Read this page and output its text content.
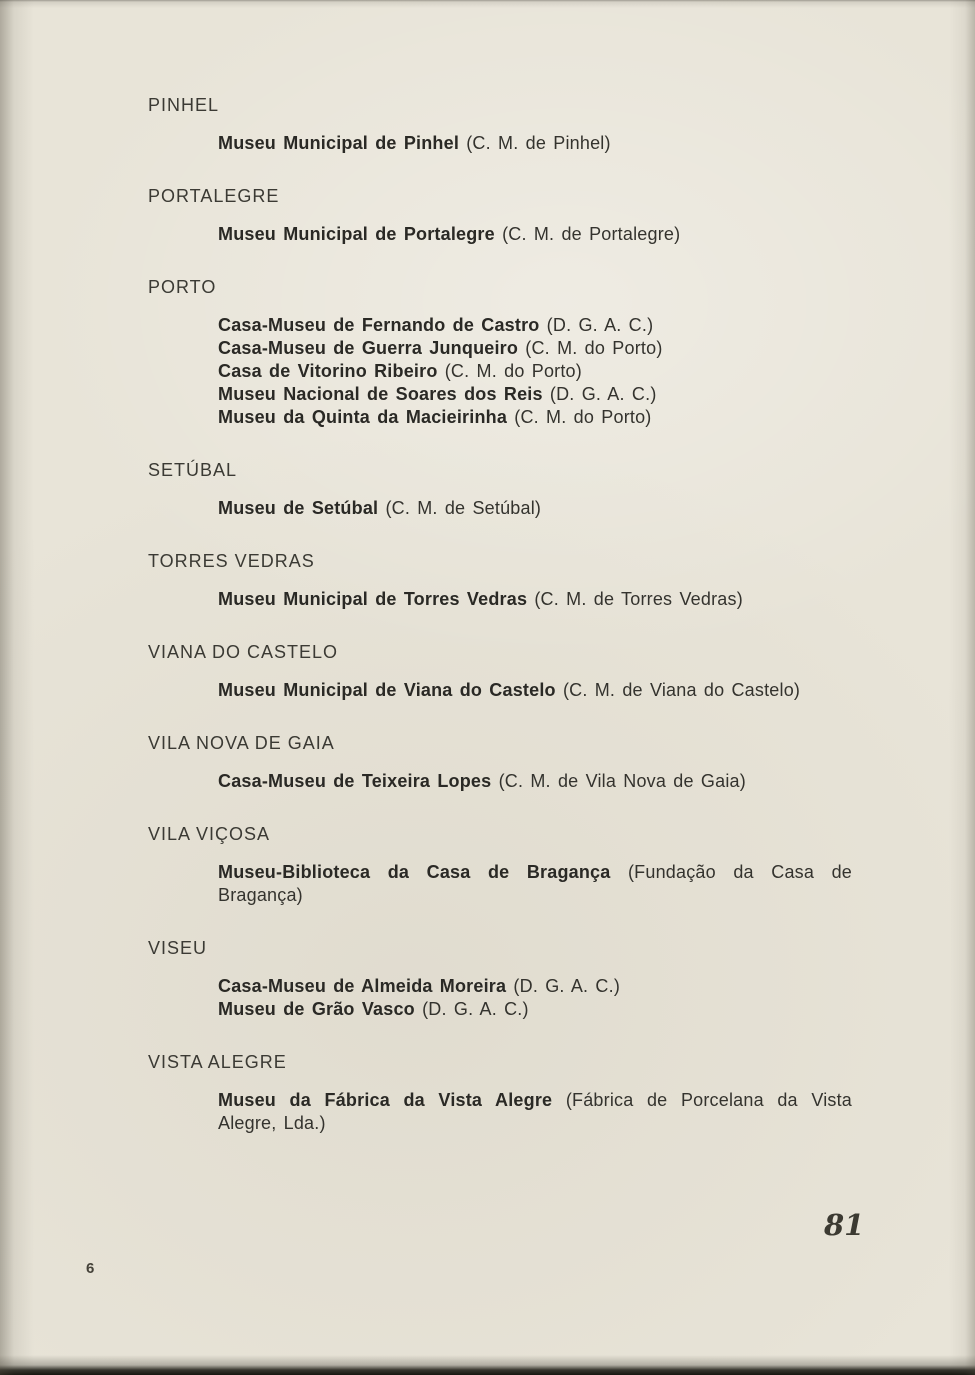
PINHEL

Museu Municipal de Pinhel (C. M. de Pinhel)

PORTALEGRE

Museu Municipal de Portalegre (C. M. de Portalegre)

PORTO

Casa-Museu de Fernando de Castro (D. G. A. C.)

Casa-Museu de Guerra Junqueiro (C. M. do Porto)

Casa de Vitorino Ribeiro (C. M. do Porto)

Museu Nacional de Soares dos Reis (D. G. A. C.)

Museu da Quinta da Macieirinha (C. M. do Porto)

SETÚBAL

Museu de Setúbal (C. M. de Setúbal)

TORRES VEDRAS

Museu Municipal de Torres Vedras (C. M. de Torres Vedras)

VIANA DO CASTELO

Museu Municipal de Viana do Castelo (C. M. de Viana do Castelo)

VILA NOVA DE GAIA

Casa-Museu de Teixeira Lopes (C. M. de Vila Nova de Gaia)

VILA VIÇOSA

Museu-Biblioteca da Casa de Bragança (Fundação da Casa de Bragança)

VISEU

Casa-Museu de Almeida Moreira (D. G. A. C.)

Museu de Grão Vasco (D. G. A. C.)

VISTA ALEGRE

Museu da Fábrica da Vista Alegre (Fábrica de Porcelana da Vista Alegre, Lda.)

81
6
